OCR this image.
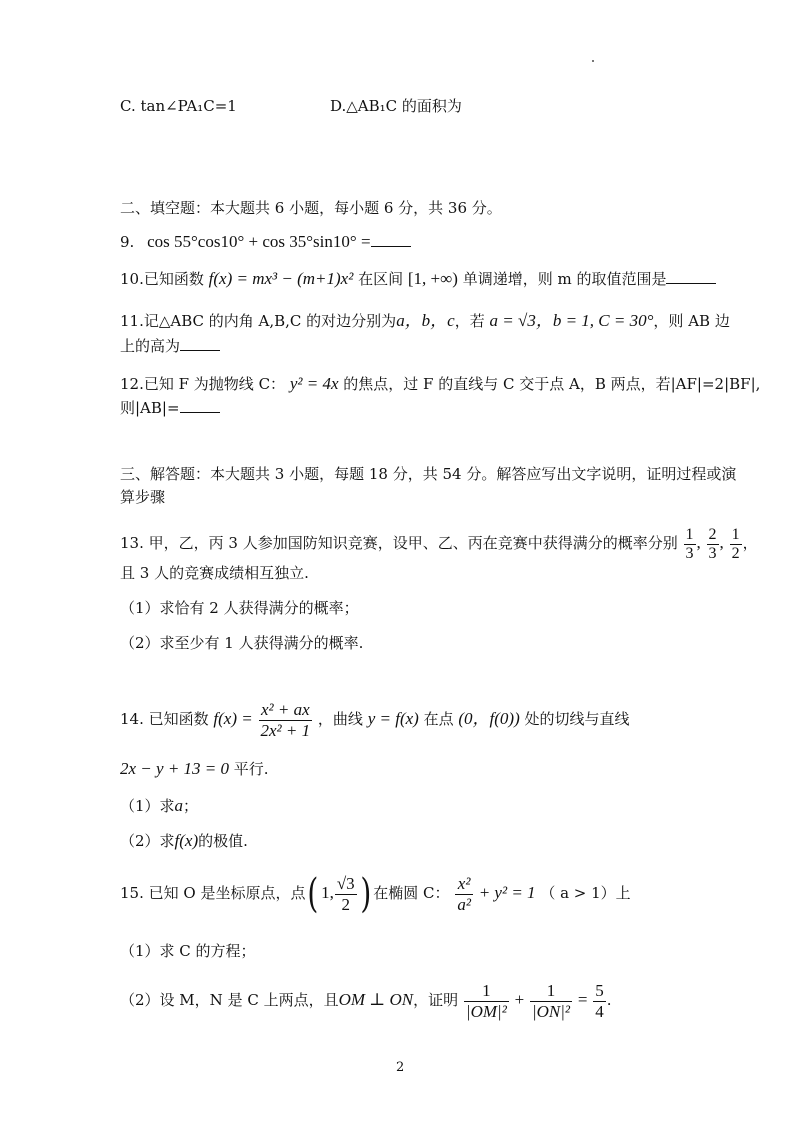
C. tan∠PA₁C=1	D.△AB₁C 的面积为
二、填空题：本大题共 6 小题，每小题 6 分，共 36 分。
9. cos 55°cos10° + cos 35°sin10° =
10.已知函数 f(x) = mx³ − (m+1)x² 在区间 [1, +∞) 单调递增，则 m 的取值范围是
11.记△ABC 的内角 A,B,C 的对边分别为a，b，c，若 a = √3，b = 1, C = 30°，则 AB 边
上的高为
12.已知 F 为抛物线 C： y² = 4x 的焦点，过 F 的直线与 C 交于点 A，B 两点，若|AF|=2|BF|,
则|AB|=
三、解答题：本大题共 3 小题，每题 18 分，共 54 分。解答应写出文字说明，证明过程或演
算步骤
13. 甲，乙，丙 3 人参加国防知识竞赛，设甲、乙、丙在竞赛中获得满分的概率分别 $\frac{1}{3}$ , $\frac{2}{3}$ , $\frac{1}{2}$ ，
且 3 人的竞赛成绩相互独立.
（1）求恰有 2 人获得满分的概率；
（2）求至少有 1 人获得满分的概率.
14. 已知函数 $f(x) = \frac{\text{x² + ax}}{\text{2x² + 1}}$ ，曲线 y = f(x) 在点 (0，f(0)) 处的切线与直线
2x − y + 13 = 0 平行.
（1）求a；
（2）求f(x)的极值.
15. 已知 O 是坐标原点，点( 1, $\frac{√3}{2}$ ) 在椭圆 C： $\frac{\text{x²}}{\text{a²}} + y^2 = 1$ （ a > 1）上
（1）求 C 的方程；
（2）设 M，N 是 C 上两点，且OM ⊥ ON，证明 $\frac{1}{\text{|OM|²}} + \frac{1}{\text{|ON|²}} = \frac{5}{4}$ .
2
